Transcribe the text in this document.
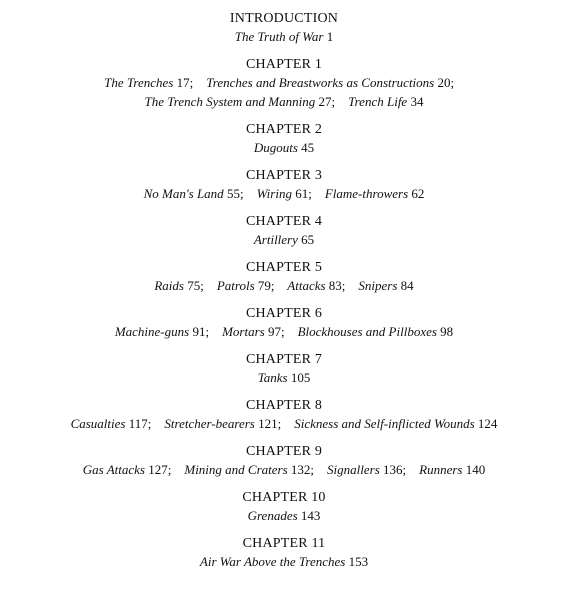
INTRODUCTION
The Truth of War 1
CHAPTER 1
The Trenches 17;    Trenches and Breastworks as Constructions 20;    The Trench System and Manning 27;    Trench Life 34
CHAPTER 2
Dugouts 45
CHAPTER 3
No Man's Land 55;    Wiring 61;    Flame-throwers 62
CHAPTER 4
Artillery 65
CHAPTER 5
Raids 75;    Patrols 79;    Attacks 83;    Snipers 84
CHAPTER 6
Machine-guns 91;    Mortars 97;    Blockhouses and Pillboxes 98
CHAPTER 7
Tanks 105
CHAPTER 8
Casualties 117;    Stretcher-bearers 121;    Sickness and Self-inflicted Wounds 124
CHAPTER 9
Gas Attacks 127;    Mining and Craters 132;    Signallers 136;    Runners 140
CHAPTER 10
Grenades 143
CHAPTER 11
Air War Above the Trenches 153
